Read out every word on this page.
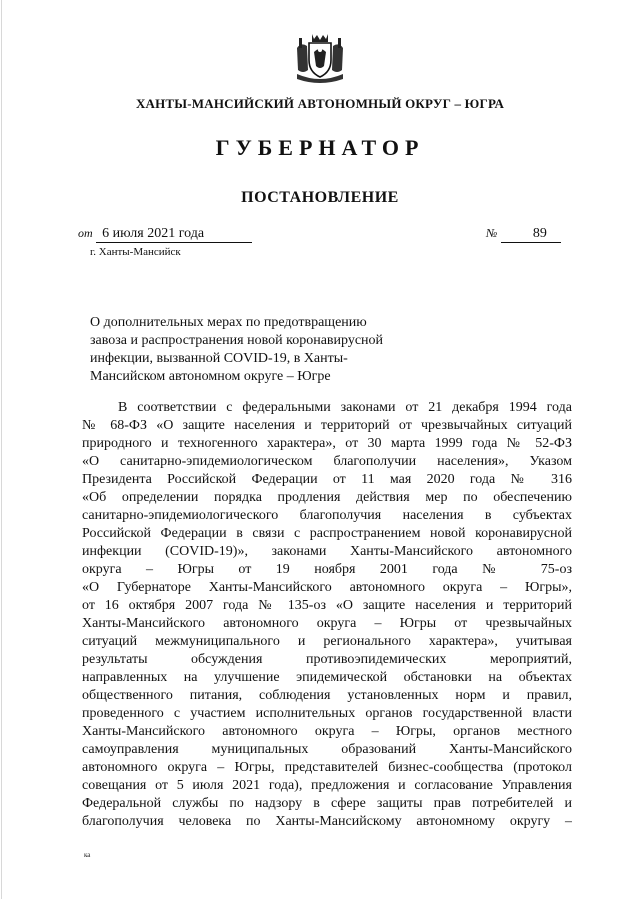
ХАНТЫ-МАНСИЙСКИЙ АВТОНОМНЫЙ ОКРУГ – ЮГРА
ГУБЕРНАТОР
ПОСТАНОВЛЕНИЕ
от 6 июля 2021 года	№	89
г. Ханты-Мансийск
О дополнительных мерах по предотвращению
завоза и распространения новой коронавирусной
инфекции, вызванной COVID-19, в Ханты-
Мансийском автономном округе – Югре
В соответствии с федеральными законами от 21 декабря 1994 года
№ 68-ФЗ «О защите населения и территорий от чрезвычайных ситуаций
природного и техногенного характера», от 30 марта 1999 года № 52-ФЗ
«О санитарно-эпидемиологическом благополучии населения», Указом
Президента Российской Федерации от 11 мая 2020 года № 316
«Об определении порядка продления действия мер по обеспечению
санитарно-эпидемиологического благополучия населения в субъектах
Российской Федерации в связи с распространением новой коронавирусной
инфекции (COVID-19)», законами Ханты-Мансийского автономного
округа – Югры от 19 ноября 2001 года № 75-оз
«О Губернаторе Ханты-Мансийского автономного округа – Югры»,
от 16 октября 2007 года № 135-оз «О защите населения и территорий
Ханты-Мансийского автономного округа – Югры от чрезвычайных
ситуаций межмуниципального и регионального характера», учитывая
результаты обсуждения противоэпидемических мероприятий,
направленных на улучшение эпидемической обстановки на объектах
общественного питания, соблюдения установленных норм и правил,
проведенного с участием исполнительных органов государственной власти
Ханты-Мансийского автономного округа – Югры, органов местного
самоуправления муниципальных образований Ханты-Мансийского
автономного округа – Югры, представителей бизнес-сообщества (протокол
совещания от 5 июля 2021 года), предложения и согласование Управления
Федеральной службы по надзору в сфере защиты прав потребителей и
благополучия человека по Ханты-Мансийскому автономному округу –
ка
